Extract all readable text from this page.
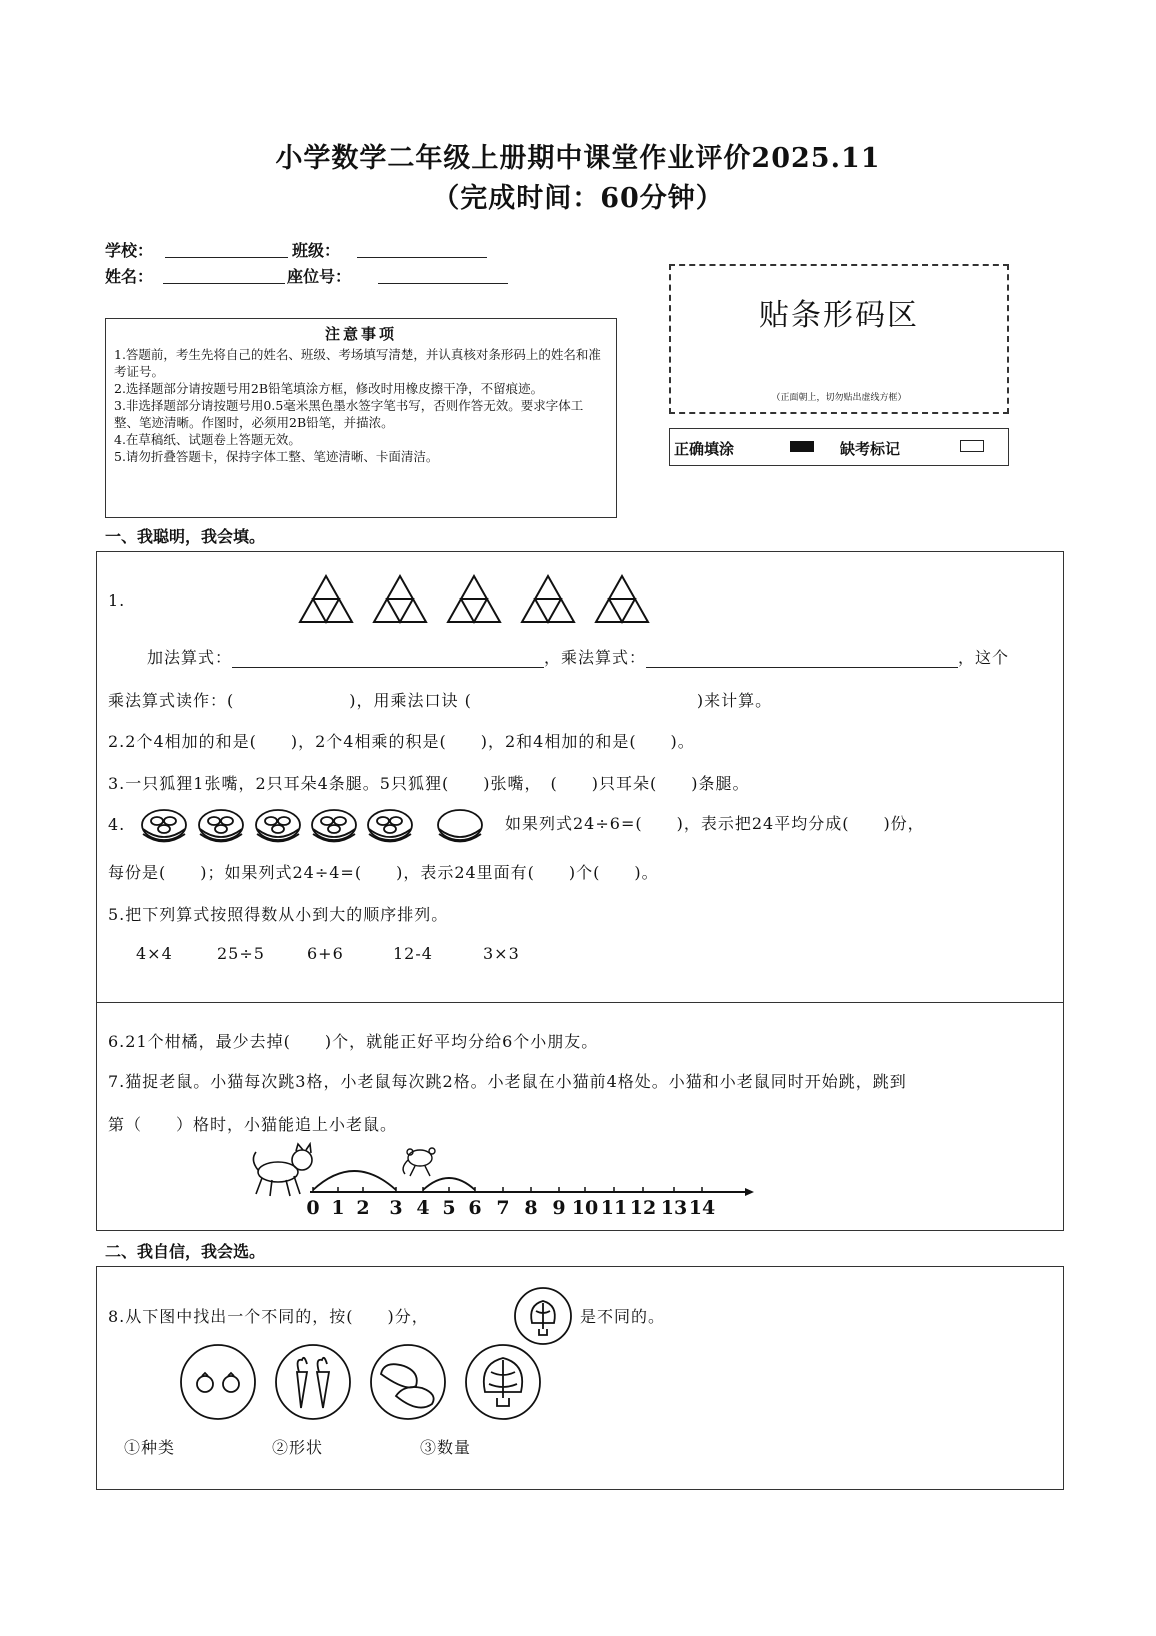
小学数学二年级上册期中课堂作业评价2025.11
（完成时间：60分钟）
学校：	班级：
姓名：	座位号：
注意事项

1.答题前，考生先将自己的姓名、班级、考场填写清楚，并认真核对条形码上的姓名和准考证号。

2.选择题部分请按题号用2B铅笔填涂方框，修改时用橡皮擦干净，不留痕迹。

3.非选择题部分请按题号用0.5毫米黑色墨水签字笔书写，否则作答无效。要求字体工整、笔迹清晰。作图时，必须用2B铅笔，并描浓。

4.在草稿纸、试题卷上答题无效。

5.请勿折叠答题卡，保持字体工整、笔迹清晰、卡面清洁。

贴条形码区
（正面朝上，切勿贴出虚线方框）
正确填涂	缺考标记
一、我聪明，我会填。
1.
加法算式：	，乘法算式：	，这个
乘法算式读作：(	)，用乘法口诀 (	)来计算。
2.2个4相加的和是(　　)，2个4相乘的积是(　　)，2和4相加的和是(　　)。
3.一只狐狸1张嘴，2只耳朵4条腿。5只狐狸(　　)张嘴，　(　　)只耳朵(　　)条腿。
4.	如果列式24÷6=(　　)，表示把24平均分成(　　)份，
每份是(　　)；如果列式24÷4=(　　)，表示24里面有(　　)个(　　)。
5.把下列算式按照得数从小到大的顺序排列。
4×4	25÷5	6+6	12-4	3×3
6.21个柑橘，最少去掉(　　)个，就能正好平均分给6个小朋友。
7.猫捉老鼠。小猫每次跳3格，小老鼠每次跳2格。小老鼠在小猫前4格处。小猫和小老鼠同时开始跳，跳到
第（　　）格时，小猫能追上小老鼠。
0 1 2 3 4 5 6 7 8 9 10 11 12 13 14
二、我自信，我会选。
8.从下图中找出一个不同的，按(　　)分，	是不同的。
①种类	②形状	③数量
